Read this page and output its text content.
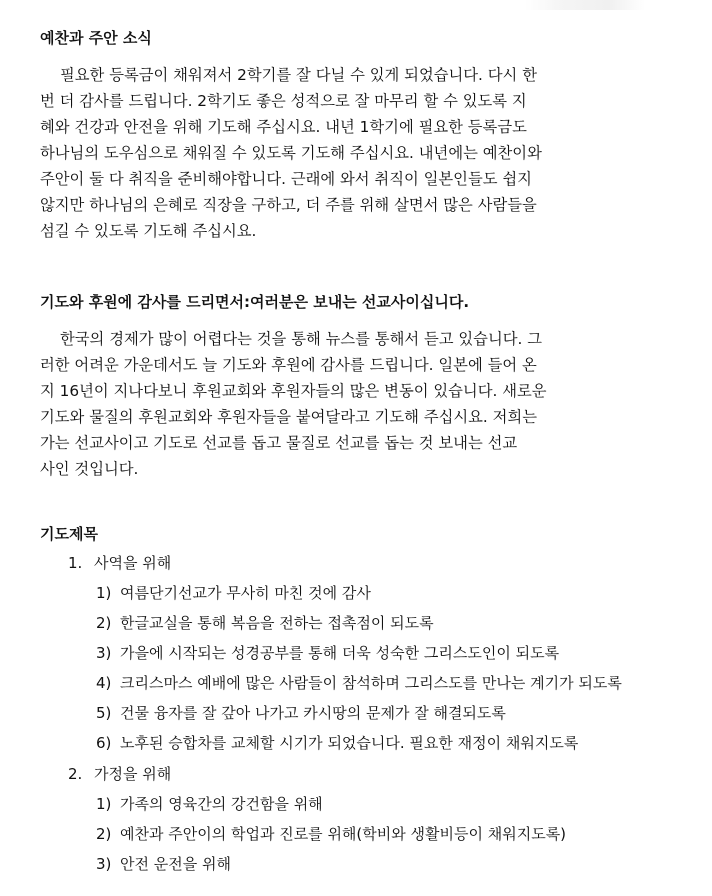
예찬과 주안 소식
필요한 등록금이 채워져서 2학기를 잘 다닐 수 있게 되었습니다. 다시 한
번 더 감사를 드립니다. 2학기도 좋은 성적으로 잘 마무리 할 수 있도록 지
혜와 건강과 안전을 위해 기도해 주십시요. 내년 1학기에 필요한 등록금도
하나님의 도우심으로 채워질 수 있도록 기도해 주십시요. 내년에는 예찬이와
주안이 둘 다 취직을 준비해야합니다. 근래에 와서 취직이 일본인들도 쉽지
않지만 하나님의 은혜로 직장을 구하고, 더 주를 위해 살면서 많은 사람들을
섬길 수 있도록 기도해 주십시요.
기도와 후원에 감사를 드리면서:여러분은 보내는 선교사이십니다.
한국의 경제가 많이 어렵다는 것을 통해 뉴스를 통해서 듣고 있습니다. 그
러한 어려운 가운데서도 늘 기도와 후원에 감사를 드립니다. 일본에 들어 온
지 16년이 지나다보니 후원교회와 후원자들의 많은 변동이 있습니다. 새로운
기도와 물질의 후원교회와 후원자들을 붙여달라고 기도해 주십시요. 저희는
가는 선교사이고 기도로 선교를 돕고 물질로 선교를 돕는 것 보내는 선교
사인 것입니다.
기도제목
1. 사역을 위해
1) 여름단기선교가 무사히 마친 것에 감사
2) 한글교실을 통해 복음을 전하는 접촉점이 되도록
3) 가을에 시작되는 성경공부를 통해 더욱 성숙한 그리스도인이 되도록
4) 크리스마스 예배에 많은 사람들이 참석하며 그리스도를 만나는 계기가 되도록
5) 건물 융자를 잘 갚아 나가고 카시땅의 문제가 잘 해결되도록
6) 노후된 승합차를 교체할 시기가 되었습니다. 필요한 재정이 채워지도록
2. 가정을 위해
1) 가족의 영육간의 강건함을 위해
2) 예찬과 주안이의 학업과 진로를 위해(학비와 생활비등이 채워지도록)
3) 안전 운전을 위해
